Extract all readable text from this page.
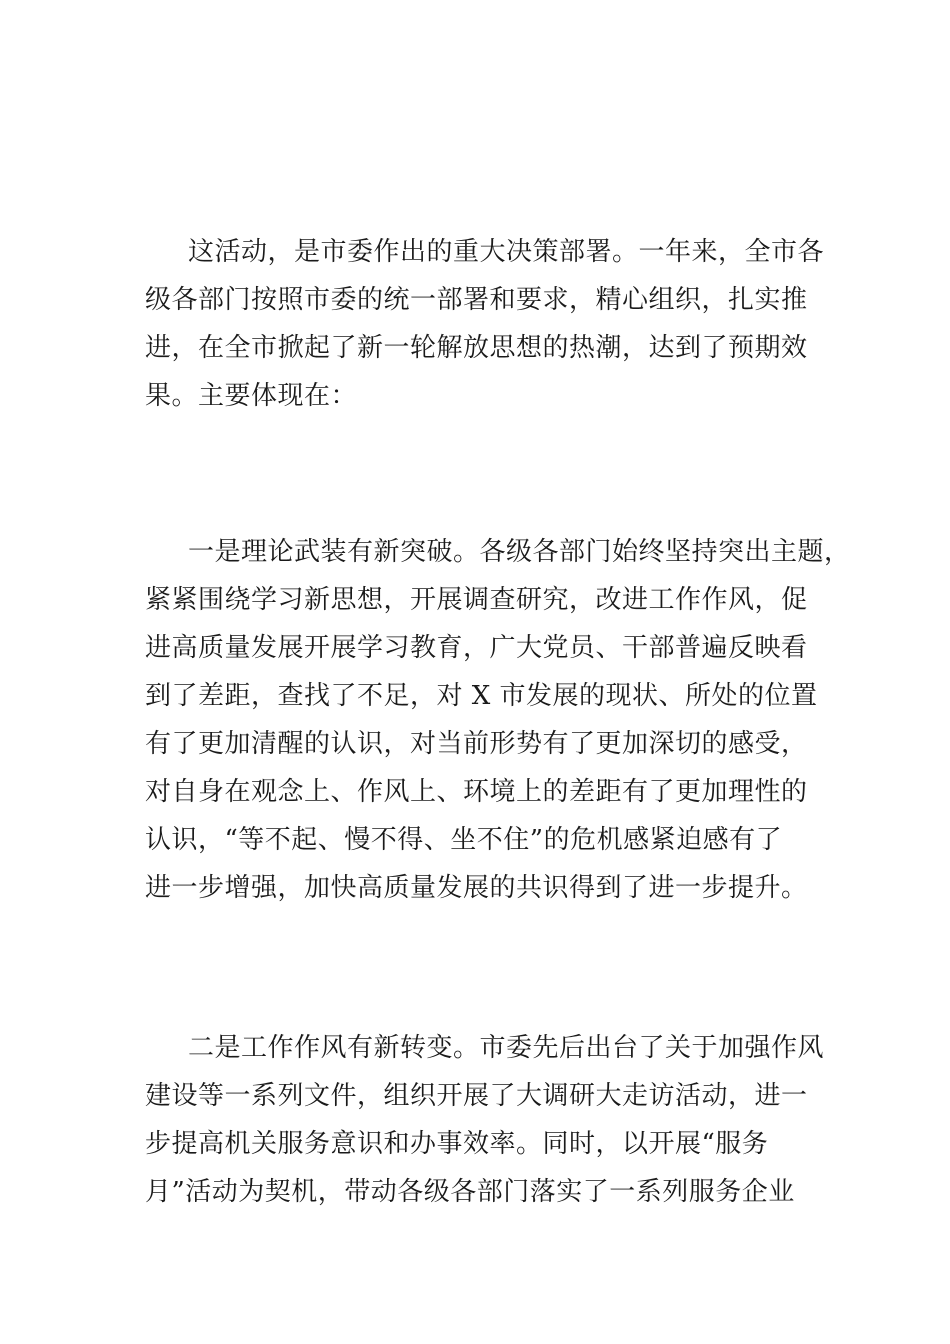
这活动，是市委作出的重大决策部署。一年来，全市各
级各部门按照市委的统一部署和要求，精心组织，扎实推
进，在全市掀起了新一轮解放思想的热潮，达到了预期效
果。主要体现在：
一是理论武装有新突破。各级各部门始终坚持突出主题，
紧紧围绕学习新思想，开展调查研究，改进工作作风，促
进高质量发展开展学习教育，广大党员、干部普遍反映看
到了差距，查找了不足，对 X 市发展的现状、所处的位置
有了更加清醒的认识，对当前形势有了更加深切的感受，
对自身在观念上、作风上、环境上的差距有了更加理性的
认识，“等不起、慢不得、坐不住”的危机感紧迫感有了
进一步增强，加快高质量发展的共识得到了进一步提升。
二是工作作风有新转变。市委先后出台了关于加强作风
建设等一系列文件，组织开展了大调研大走访活动，进一
步提高机关服务意识和办事效率。同时，以开展“服务
月”活动为契机，带动各级各部门落实了一系列服务企业
